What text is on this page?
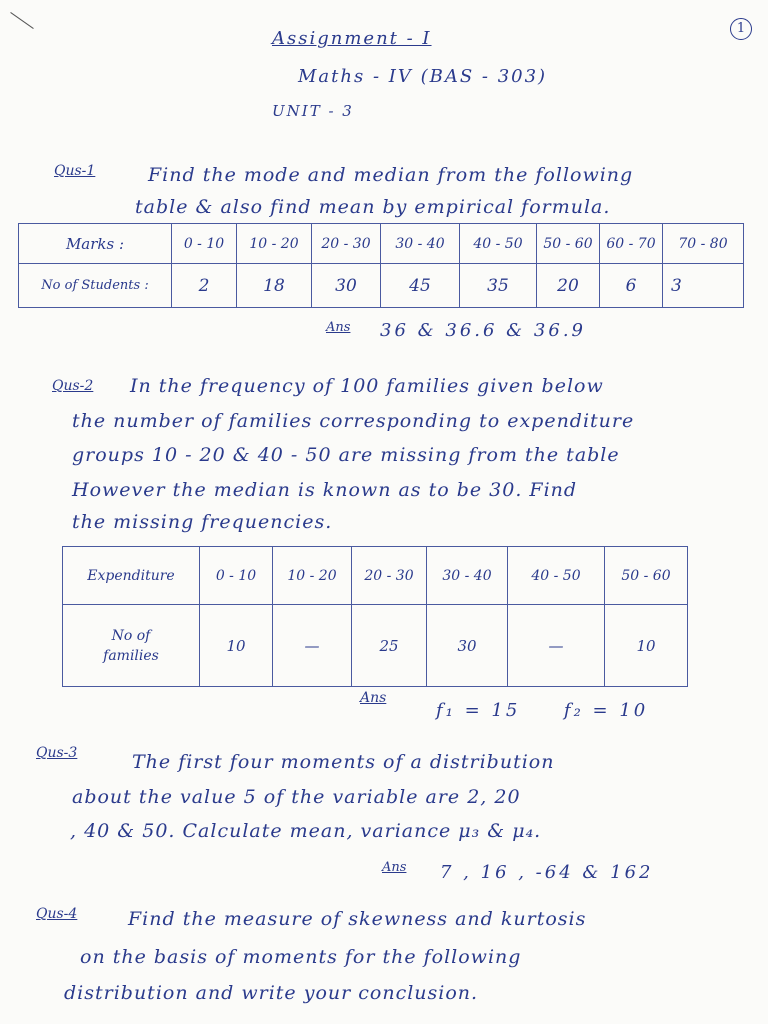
1
Assignment - I
Maths - IV (BAS - 303)
UNIT - 3
Qus-1	Find the mode and median from the following
table & also find mean by empirical formula.
Marks :	0 - 10	10 - 20	20 - 30	30 - 40	40 - 50	50 - 60	60 - 70	70 - 80
No of Students :	2	18	30	45	35	20	6	3
Ans 36 & 36.6 & 36.9
Qus-2 In the frequency of 100 families given below
the number of families corresponding to expenditure
groups 10 - 20 & 40 - 50 are missing from the table
However the median is known as to be 30. Find
the missing frequencies.
Expenditure	0 - 10	10 - 20	20 - 30	30 - 40	40 - 50	50 - 60

No of
families	10	—	25	30	—	10
Ans
f₁ = 15     f₂ = 10
Qus-3	The first four moments of a distribution
about the value 5 of the variable are 2, 20
, 40 & 50. Calculate mean, variance μ₃ & μ₄.
Ans 7 , 16 , -64 & 162
Qus-4	Find the measure of skewness and kurtosis
on the basis of moments for the following
distribution and write your conclusion.
